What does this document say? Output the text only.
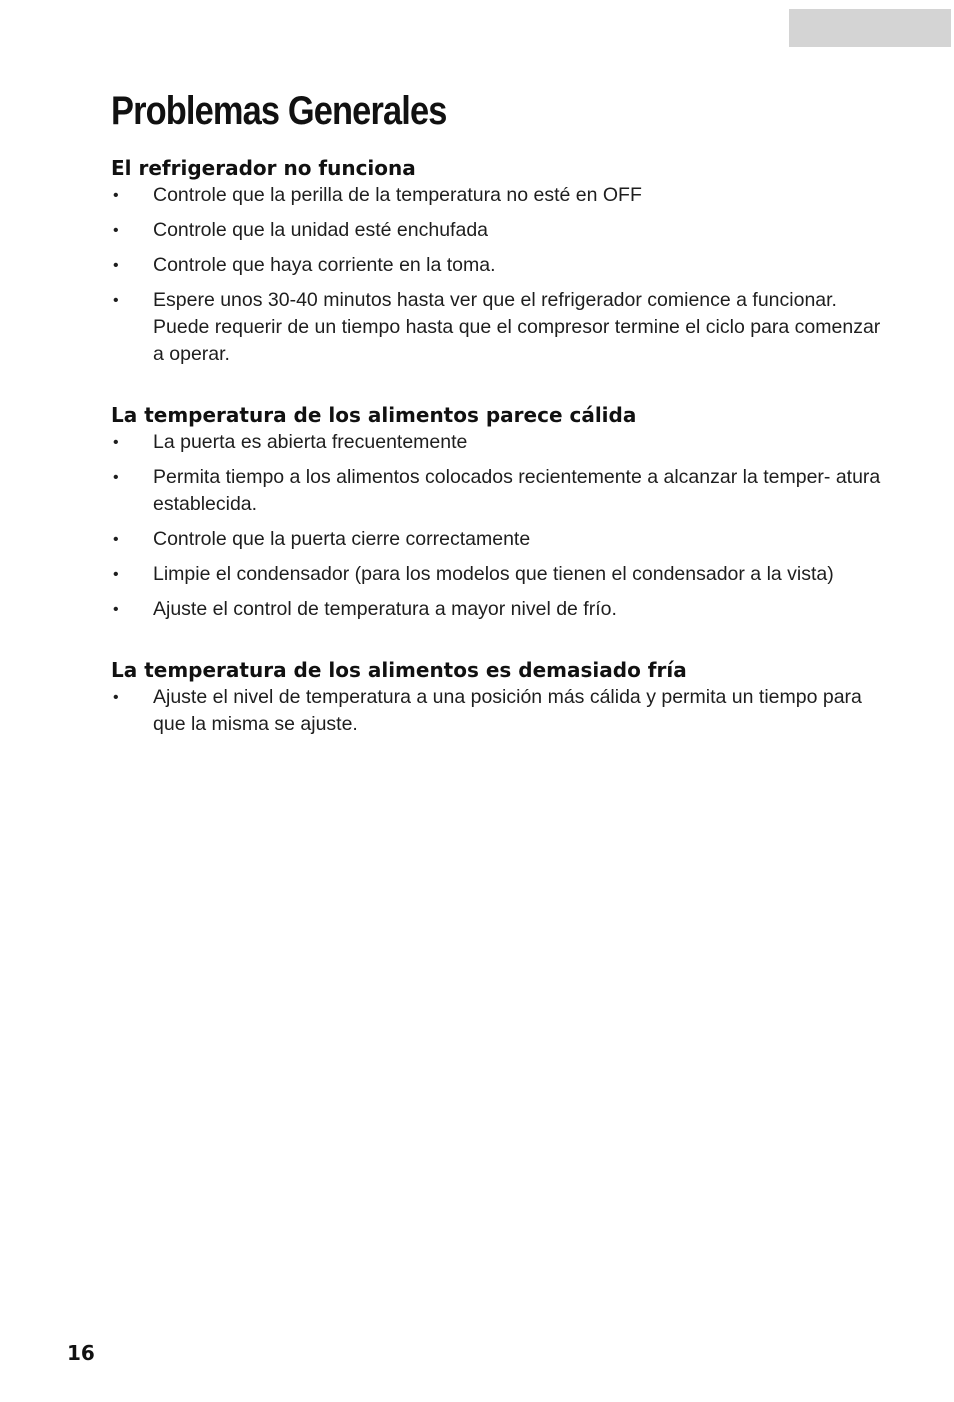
Problemas Generales
El refrigerador no funciona
• Controle que la perilla de la temperatura no esté en OFF
• Controle que la unidad esté enchufada
• Controle que haya corriente en la toma.
• Espere unos 30-40 minutos hasta ver que el refrigerador comience a funcionar. Puede requerir de un tiempo hasta que el compresor termine el ciclo para comenzar a operar.
La temperatura de los alimentos parece cálida
• La puerta es abierta frecuentemente
• Permita tiempo a los alimentos colocados recientemente a alcanzar la temper- atura establecida.
• Controle que la puerta cierre correctamente
• Limpie el condensador (para los modelos que tienen el condensador a la vista)
• Ajuste el control de temperatura a mayor nivel de frío.
La temperatura de los alimentos es demasiado fría
• Ajuste el nivel de temperatura a una posición más cálida y permita un tiempo para que la misma se ajuste.

16
